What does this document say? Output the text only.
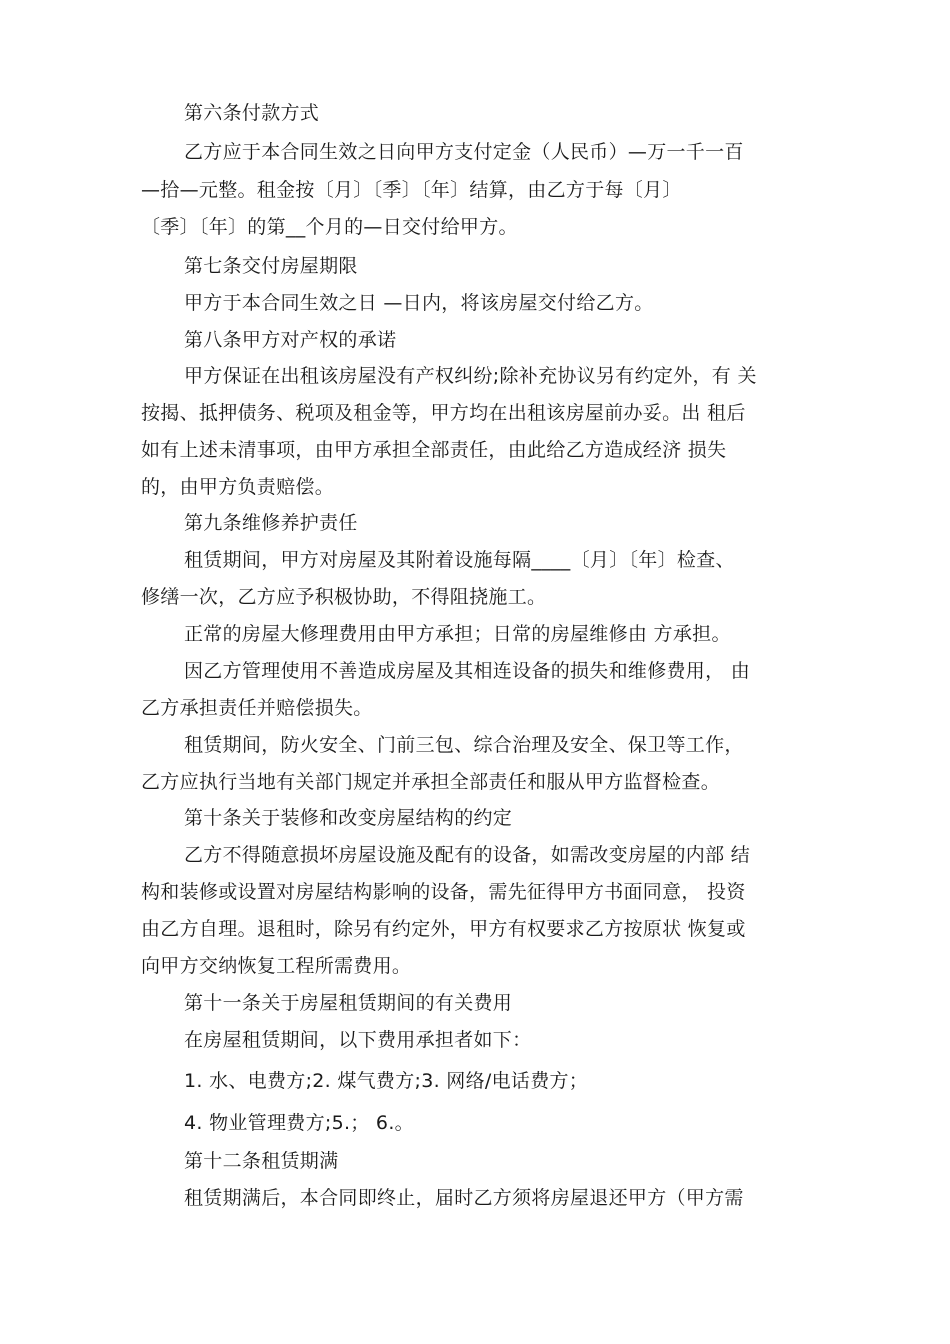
第六条付款方式
乙方应于本合同生效之日向甲方支付定金（人民币）—万一千一百
—拾—元整。租金按〔月〕〔季〕〔年〕结算，由乙方于每〔月〕
〔季〕〔年〕的第__个月的—日交付给甲方。
第七条交付房屋期限
甲方于本合同生效之日 —日内，将该房屋交付给乙方。
第八条甲方对产权的承诺
甲方保证在出租该房屋没有产权纠纷;除补充协议另有约定外，有 关
按揭、抵押债务、税项及租金等，甲方均在出租该房屋前办妥。出 租后
如有上述未清事项，由甲方承担全部责任，由此给乙方造成经济 损失
的，由甲方负责赔偿。
第九条维修养护责任
租赁期间，甲方对房屋及其附着设施每隔____〔月〕〔年〕检查、
修缮一次，乙方应予积极协助，不得阻挠施工。
正常的房屋大修理费用由甲方承担；日常的房屋维修由 方承担。
因乙方管理使用不善造成房屋及其相连设备的损失和维修费用， 由
乙方承担责任并赔偿损失。
租赁期间，防火安全、门前三包、综合治理及安全、保卫等工作，
乙方应执行当地有关部门规定并承担全部责任和服从甲方监督检查。
第十条关于装修和改变房屋结构的约定
乙方不得随意损坏房屋设施及配有的设备，如需改变房屋的内部 结
构和装修或设置对房屋结构影响的设备，需先征得甲方书面同意， 投资
由乙方自理。退租时，除另有约定外，甲方有权要求乙方按原状 恢复或
向甲方交纳恢复工程所需费用。
第十一条关于房屋租赁期间的有关费用
在房屋租赁期间，以下费用承担者如下：
1. 水、电费方;2. 煤气费方;3. 网络/电话费方；
4. 物业管理费方;5.； 6.。
第十二条租赁期满
租赁期满后，本合同即终止，届时乙方须将房屋退还甲方（甲方需
